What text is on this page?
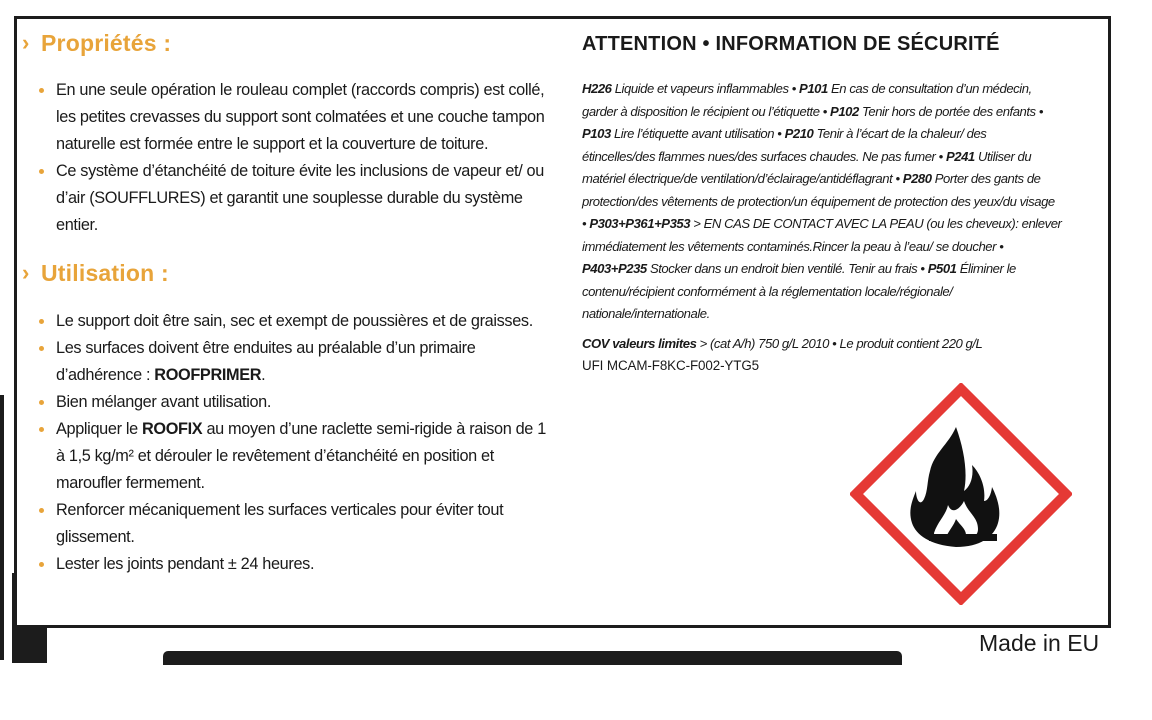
› Propriétés :
En une seule opération le rouleau complet (raccords compris) est collé, les petites crevasses du support sont colmatées et une couche tampon naturelle est formée entre le support et la couverture de toiture.
Ce système d’étanchéité de toiture évite les inclusions de vapeur et/ ou d’air (SOUFFLURES) et garantit une souplesse durable du système entier.
› Utilisation :
Le support doit être sain, sec et exempt de poussières et de graisses.
Les surfaces doivent être enduites au préalable d’un primaire d’adhérence : ROOFPRIMER.
Bien mélanger avant utilisation.
Appliquer le ROOFIX au moyen d’une raclette semi-rigide à raison de 1 à 1,5 kg/m² et dérouler le revêtement d’étanchéité en position et maroufler fermement.
Renforcer mécaniquement les surfaces verticales pour éviter tout glissement.
Lester les joints pendant ± 24 heures.
ATTENTION • INFORMATION DE SÉCURITÉ
H226 Liquide et vapeurs inflammables • P101 En cas de consultation d’un médecin, garder à disposition le récipient ou l’étiquette • P102 Tenir hors de portée des enfants • P103 Lire l’étiquette avant utilisation • P210 Tenir à l’écart de la chaleur/ des étincelles/des flammes nues/des surfaces chaudes. Ne pas fumer • P241 Utiliser du matériel électrique/de ventilation/d’éclairage/antidéflagrant • P280 Porter des gants de protection/des vêtements de protection/un équipement de protection des yeux/du visage • P303+P361+P353 > EN CAS DE CONTACT AVEC LA PEAU (ou les cheveux): enlever immédiatement les vêtements contaminés.Rincer la peau à l’eau/ se doucher • P403+P235 Stocker dans un endroit bien ventilé. Tenir au frais • P501 Éliminer le contenu/récipient conformément à la réglementation locale/régionale/ nationale/internationale.
COV valeurs limites > (cat A/h) 750 g/L 2010 • Le produit contient 220 g/L
UFI MCAM-F8KC-F002-YTG5
Made in EU
